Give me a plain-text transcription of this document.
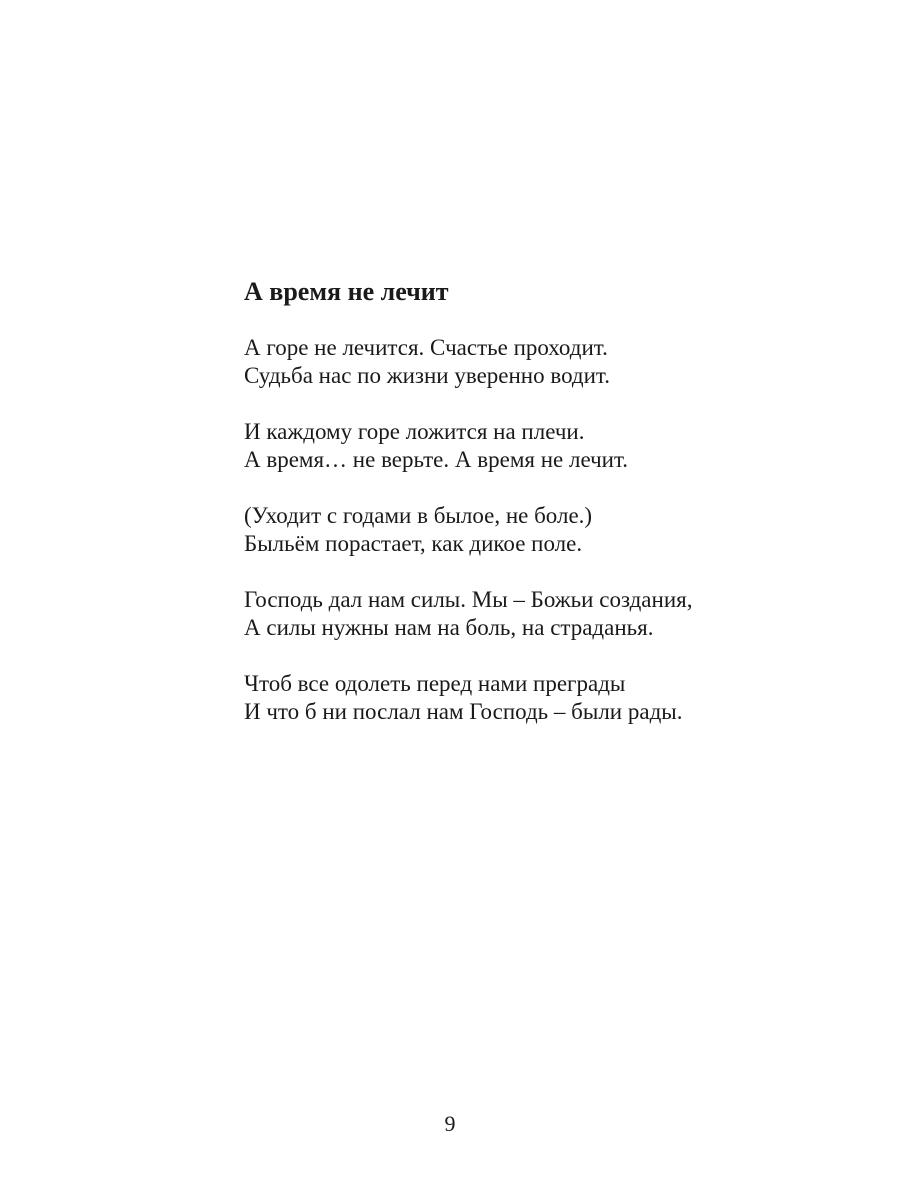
А время не лечит
А горе не лечится. Счастье проходит.
Судьба нас по жизни уверенно водит.
И каждому горе ложится на плечи.
А время… не верьте. А время не лечит.
(Уходит с годами в былое, не боле.)
Быльём порастает, как дикое поле.
Господь дал нам силы. Мы – Божьи создания,
А силы нужны нам на боль, на страданья.
Чтоб все одолеть перед нами преграды
И что б ни послал нам Господь – были рады.
9
